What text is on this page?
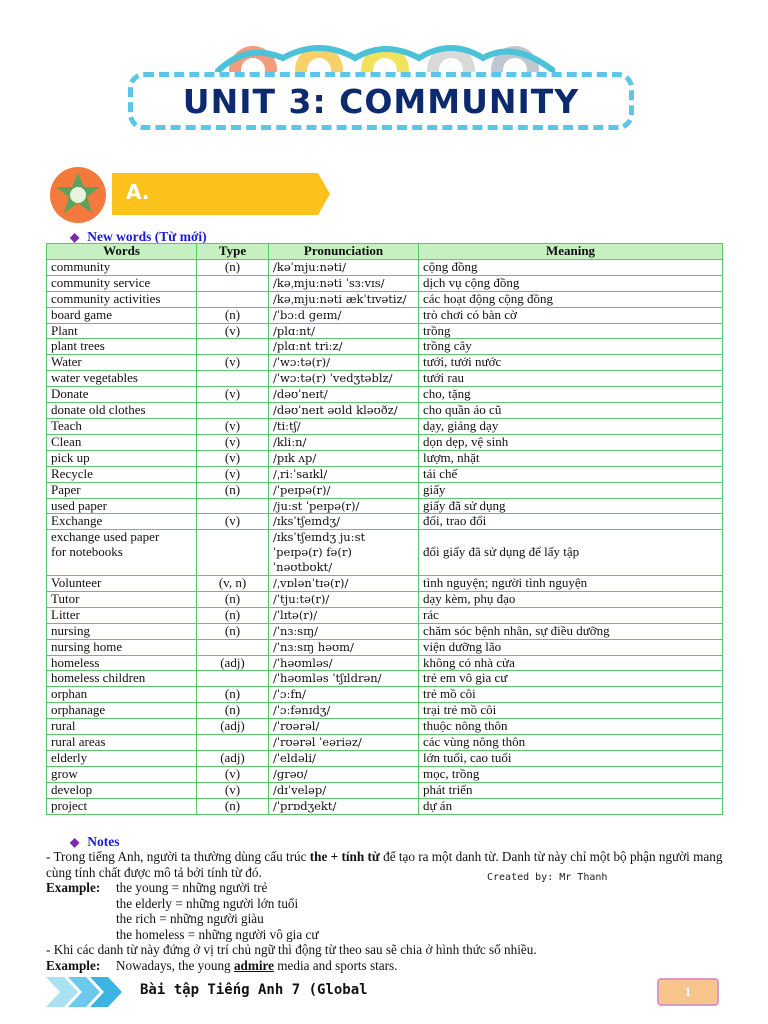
UNIT 3: COMMUNITY
A.
◆ New words (Từ mới)
Words	Type	Pronunciation	Meaning
community	(n)	/kəˈmjuːnəti/	cộng đồng
community service		/kəˌmjuːnəti ˈsɜːvɪs/	dịch vụ cộng đồng
community activities		/kəˌmjuːnəti ækˈtɪvətiz/	các hoạt động cộng đồng
board game	(n)	/ˈbɔːd ɡeɪm/	trò chơi có bàn cờ
Plant	(v)	/plɑːnt/	trồng
plant trees		/plɑːnt triːz/	trồng cây
Water	(v)	/ˈwɔːtə(r)/	tưới, tưới nước
water vegetables		/ˈwɔːtə(r) ˈvedʒtəblz/	tưới rau
Donate	(v)	/dəʊˈneɪt/	cho, tặng
donate old clothes		/dəʊˈneɪt əʊld kləʊðz/	cho quần áo cũ
Teach	(v)	/tiːtʃ/	dạy, giảng dạy
Clean	(v)	/kliːn/	dọn dẹp, vệ sinh
pick up	(v)	/pɪk ʌp/	lượm, nhặt
Recycle	(v)	/ˌriːˈsaɪkl/	tái chế
Paper	(n)	/ˈpeɪpə(r)/	giấy
used paper		/juːst ˈpeɪpə(r)/	giấy đã sử dụng
Exchange	(v)	/ɪksˈtʃeɪndʒ/	đổi, trao đổi
exchange used paper
for notebooks		/ɪksˈtʃeɪndʒ juːst
ˈpeɪpə(r) fə(r)
ˈnəʊtbʊkt/	đổi giấy đã sử dụng để lấy tập
Volunteer	(v, n)	/ˌvɒlənˈtɪə(r)/	tình nguyện; người tình nguyện
Tutor	(n)	/ˈtjuːtə(r)/	dạy kèm, phụ đạo
Litter	(n)	/ˈlɪtə(r)/	rác
nursing	(n)	/ˈnɜːsɪŋ/	chăm sóc bệnh nhân, sự điều dưỡng
nursing home		/ˈnɜːsɪŋ həʊm/	viện dưỡng lão
homeless	(adj)	/ˈhəʊmləs/	không có nhà cửa
homeless children		/ˈhəʊmləs ˈtʃɪldrən/	trẻ em vô gia cư
orphan	(n)	/ˈɔːfn/	trẻ mồ côi
orphanage	(n)	/ˈɔːfənɪdʒ/	trại trẻ mồ côi
rural	(adj)	/ˈrʊərəl/	thuộc nông thôn
rural areas		/ˈrʊərəl ˈeəriəz/	các vùng nông thôn
elderly	(adj)	/ˈeldəli/	lớn tuổi, cao tuổi
grow	(v)	/ɡrəʊ/	mọc, trồng
develop	(v)	/dɪˈveləp/	phát triển
project	(n)	/ˈprɒdʒekt/	dự án
◆ Notes

- Trong tiếng Anh, người ta thường dùng cấu trúc the + tính từ để tạo ra một danh từ. Danh từ này chỉ một bộ phận người mang cùng tính chất được mô tả bởi tính từ đó.

Example:	the young = những người trẻ

the elderly = những người lớn tuổi

the rich = những người giàu

the homeless = những người vô gia cư

- Khi các danh từ này đứng ở vị trí chủ ngữ thì động từ theo sau sẽ chia ở hình thức số nhiều.

Example:	Nowadays, the young admire media and sports stars.
Created by: Mr Thanh
Bài tập Tiếng Anh 7 (Global	1
